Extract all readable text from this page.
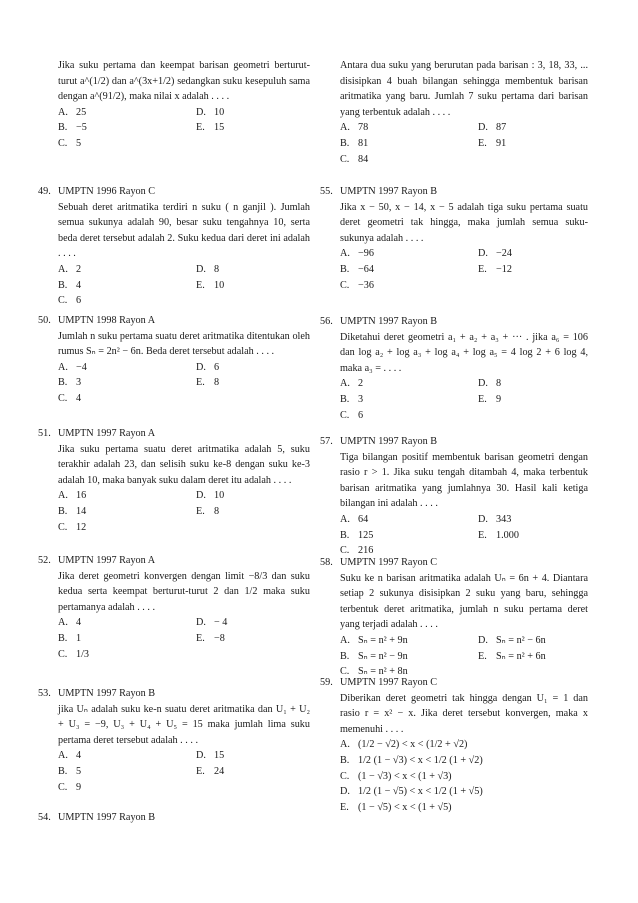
Jika suku pertama dan keempat barisan geometri berturut-turut a^(1/2) dan a^(3x+1/2) sedangkan suku kesepuluh sama dengan a^(91/2), maka nilai x adalah . . . .
A. 25	D. 10
B. −5	E. 15
C. 5
49. UMPTN 1996 Rayon C
Sebuah deret aritmatika terdiri n suku ( n ganjil ). Jumlah semua sukunya adalah 90, besar suku tengahnya 10, serta beda deret tersebut adalah 2. Suku kedua dari deret ini adalah . . . .
A. 2	D. 8
B. 4	E. 10
C. 6
50. UMPTN 1998 Rayon A
Jumlah n suku pertama suatu deret aritmatika ditentukan oleh rumus Sₙ = 2n² − 6n. Beda deret tersebut adalah . . . .
A. −4	D. 6
B. 3	E. 8
C. 4
51. UMPTN 1997 Rayon A
Jika suku pertama suatu deret aritmatika adalah 5, suku terakhir adalah 23, dan selisih suku ke-8 dengan suku ke-3 adalah 10, maka banyak suku dalam deret itu adalah . . . .
A. 16	D. 10
B. 14	E. 8
C. 12
52. UMPTN 1997 Rayon A
Jika deret geometri konvergen dengan limit −8/3 dan suku kedua serta keempat berturut-turut 2 dan 1/2 maka suku pertamanya adalah . . . .
A. 4	D. − 4
B. 1	E. −8
C. 1/3
53. UMPTN 1997 Rayon B
jika Uₙ adalah suku ke-n suatu deret aritmatika dan U₁ + U₂ + U₃ = −9, U₃ + U₄ + U₅ = 15 maka jumlah lima suku pertama deret tersebut adalah . . . .
A. 4	D. 15
B. 5	E. 24
C. 9
54. UMPTN 1997 Rayon B
Antara dua suku yang berurutan pada barisan : 3, 18, 33, ... disisipkan 4 buah bilangan sehingga membentuk barisan aritmatika yang baru. Jumlah 7 suku pertama dari barisan yang terbentuk adalah . . . .
A. 78	D. 87
B. 81	E. 91
C. 84
55. UMPTN 1997 Rayon B
Jika x − 50, x − 14, x − 5 adalah tiga suku pertama suatu deret geometri tak hingga, maka jumlah semua suku-sukunya adalah . . . .
A. −96	D. −24
B. −64	E. −12
C. −36
56. UMPTN 1997 Rayon B
Diketahui deret geometri a₁ + a₂ + a₃ + ··· . jika a₆ = 106 dan log a₂ + log a₃ + log a₄ + log a₅ = 4 log 2 + 6 log 4, maka a₃ = . . . .
A. 2	D. 8
B. 3	E. 9
C. 6
57. UMPTN 1997 Rayon B
Tiga bilangan positif membentuk barisan geometri dengan rasio r > 1. Jika suku tengah ditambah 4, maka terbentuk barisan aritmatika yang jumlahnya 30. Hasil kali ketiga bilangan ini adalah . . . .
A. 64	D. 343
B. 125	E. 1.000
C. 216
58. UMPTN 1997 Rayon C
Suku ke n barisan aritmatika adalah Uₙ = 6n + 4. Diantara setiap 2 sukunya disisipkan 2 suku yang baru, sehingga terbentuk deret aritmatika, jumlah n suku pertama deret yang terjadi adalah . . . .
A. Sₙ = n² + 9n	D. Sₙ = n² − 6n
B. Sₙ = n² − 9n	E. Sₙ = n² + 6n
C. Sₙ = n² + 8n
59. UMPTN 1997 Rayon C
Diberikan deret geometri tak hingga dengan U₁ = 1 dan rasio r = x² − x. Jika deret tersebut konvergen, maka x memenuhi . . . .
A. (1/2 − √2) < x < (1/2 + √2)
B. 1/2 (1 − √3) < x < 1/2 (1 + √2)
C. (1 − √3) < x < (1 + √3)
D. 1/2 (1 − √5) < x < 1/2 (1 + √5)
E. (1 − √5) < x < (1 + √5)
